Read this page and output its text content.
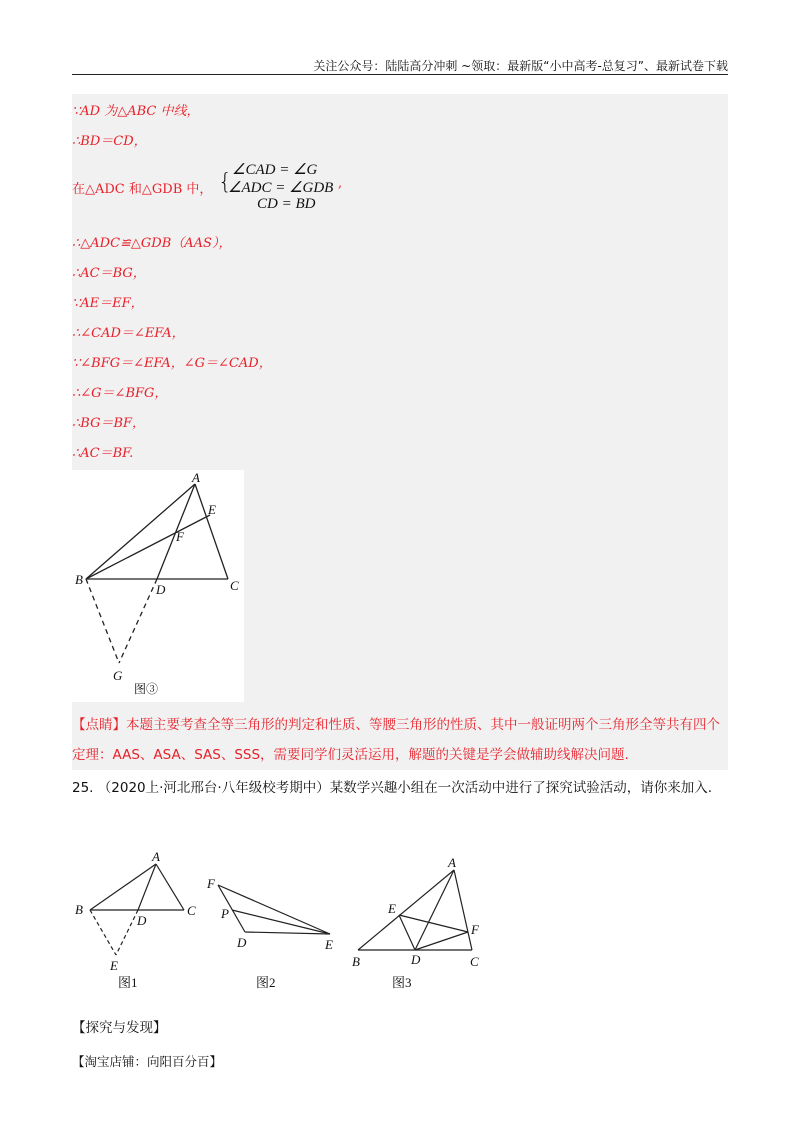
关注公众号：陆陆高分冲刺 ~领取：最新版“小中高考-总复习”、最新试卷下载
∵AD 为△ABC 中线，
∴BD＝CD，
在△ADC 和△GDB 中， { ∠CAD = ∠G
∠ADC = ∠GDB
CD = BD
,
∴△ADC≌△GDB（AAS），
∴AC＝BG，
∵AE＝EF，
∴∠CAD＝∠EFA，
∵∠BFG＝∠EFA，∠G＝∠CAD，
∴∠G＝∠BFG，
∴BG＝BF，
∴AC＝BF.
A
E
F
B
D	C
G
图③
【点睛】本题主要考查全等三角形的判定和性质、等腰三角形的性质、其中一般证明两个三角形全等共有四个定理：AAS、ASA、SAS、SSS，需要同学们灵活运用，解题的关键是学会做辅助线解决问题.
25. （2020上·河北邢台·八年级校考期中）某数学兴趣小组在一次活动中进行了探究试验活动，请你来加入.
A
B	C
D
E
图1
F
P
D	E
图2
A
E
F
B	D	C
图3
【探究与发现】
【淘宝店铺：向阳百分百】
